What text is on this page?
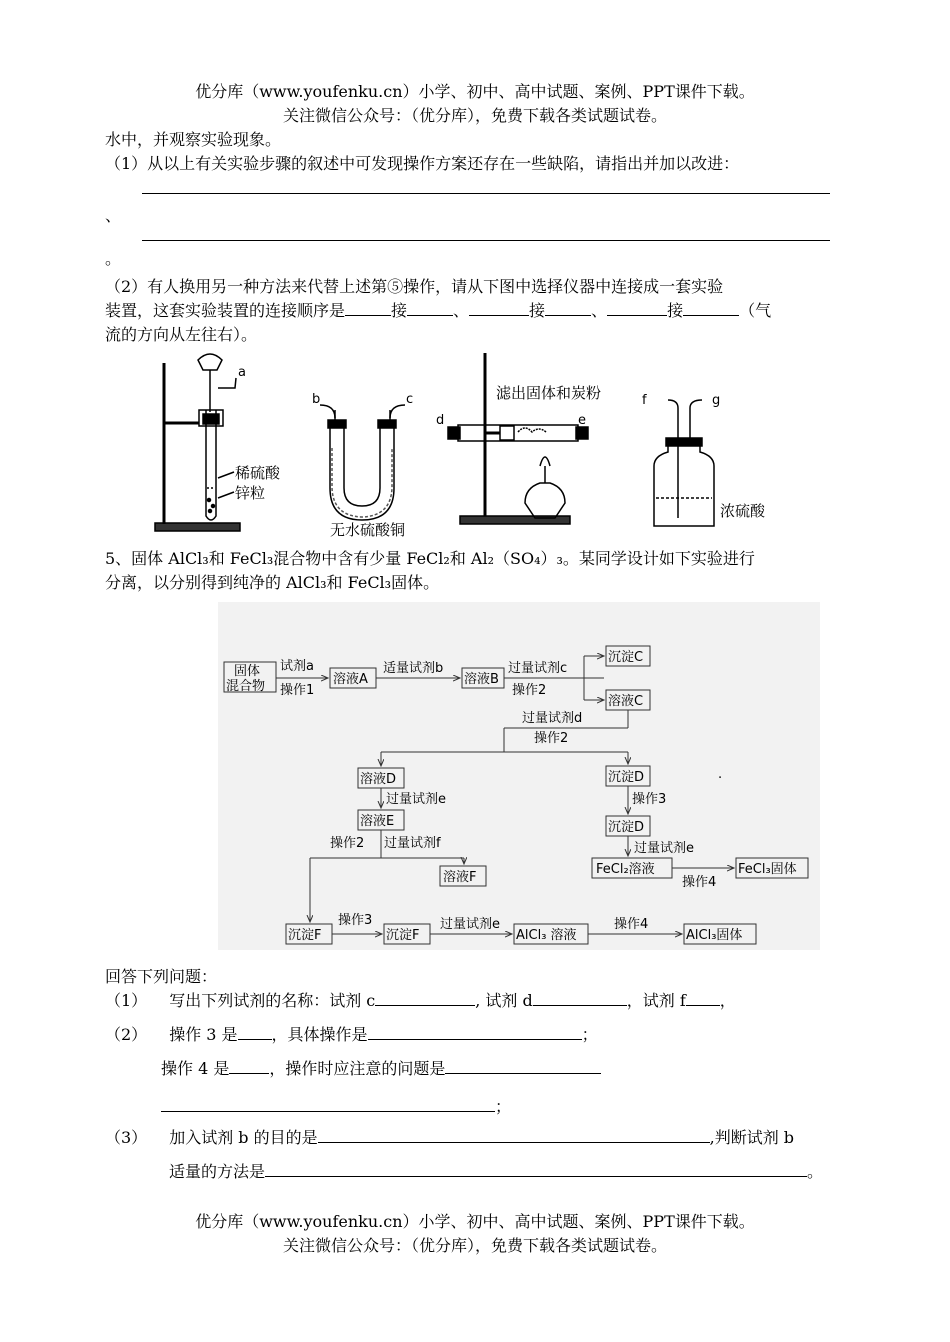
优分库（www.youfenku.cn）小学、初中、高中试题、案例、PPT课件下载。
关注微信公众号：（优分库），免费下载各类试题试卷。
水中，并观察实验现象。
（1）从以上有关实验步骤的叙述中可发现操作方案还存在一些缺陷，请指出并加以改进：
、
。
（2）有人换用另一种方法来代替上述第⑤操作，请从下图中选择仪器中连接成一套实验
装置，这套实验装置的连接顺序是	接	、	接	、	接	（气
流的方向从左往右）。
a
稀硫酸
锌粒
b	c
无水硫酸铜
d	e
滤出固体和炭粉	f	g
浓硫酸
5、固体 AlCl₃和 FeCl₃混合物中含有少量 FeCl₂和 Al₂（SO₄）₃。某同学设计如下实验进行
分离，以分别得到纯净的 AlCl₃和 FeCl₃固体。
固体
混合物
试剂a
操作1
溶液A
适量试剂b
溶液B
过量试剂c
操作2
沉淀C
溶液C
过量试剂d
操作2
溶液D	沉淀D	.
过量试剂e	操作3
溶液E	沉淀D
操作2 过量试剂f	过量试剂e
溶液F
FeCl₂溶液
操作4
FeCl₃固体
操作3	过量试剂e	操作4
沉淀F	沉淀F	AlCl₃ 溶液	AlCl₃固体
回答下列问题：
（1） 写出下列试剂的名称：试剂 c	, 试剂 d	，试剂 f ，
（2） 操作 3 是 ，具体操作是	；
操作 4 是	，操作时应注意的问题是
；
（3） 加入试剂 b 的目的是	,判断试剂 b
适量的方法是	。
优分库（www.youfenku.cn）小学、初中、高中试题、案例、PPT课件下载。
关注微信公众号：（优分库），免费下载各类试题试卷。
